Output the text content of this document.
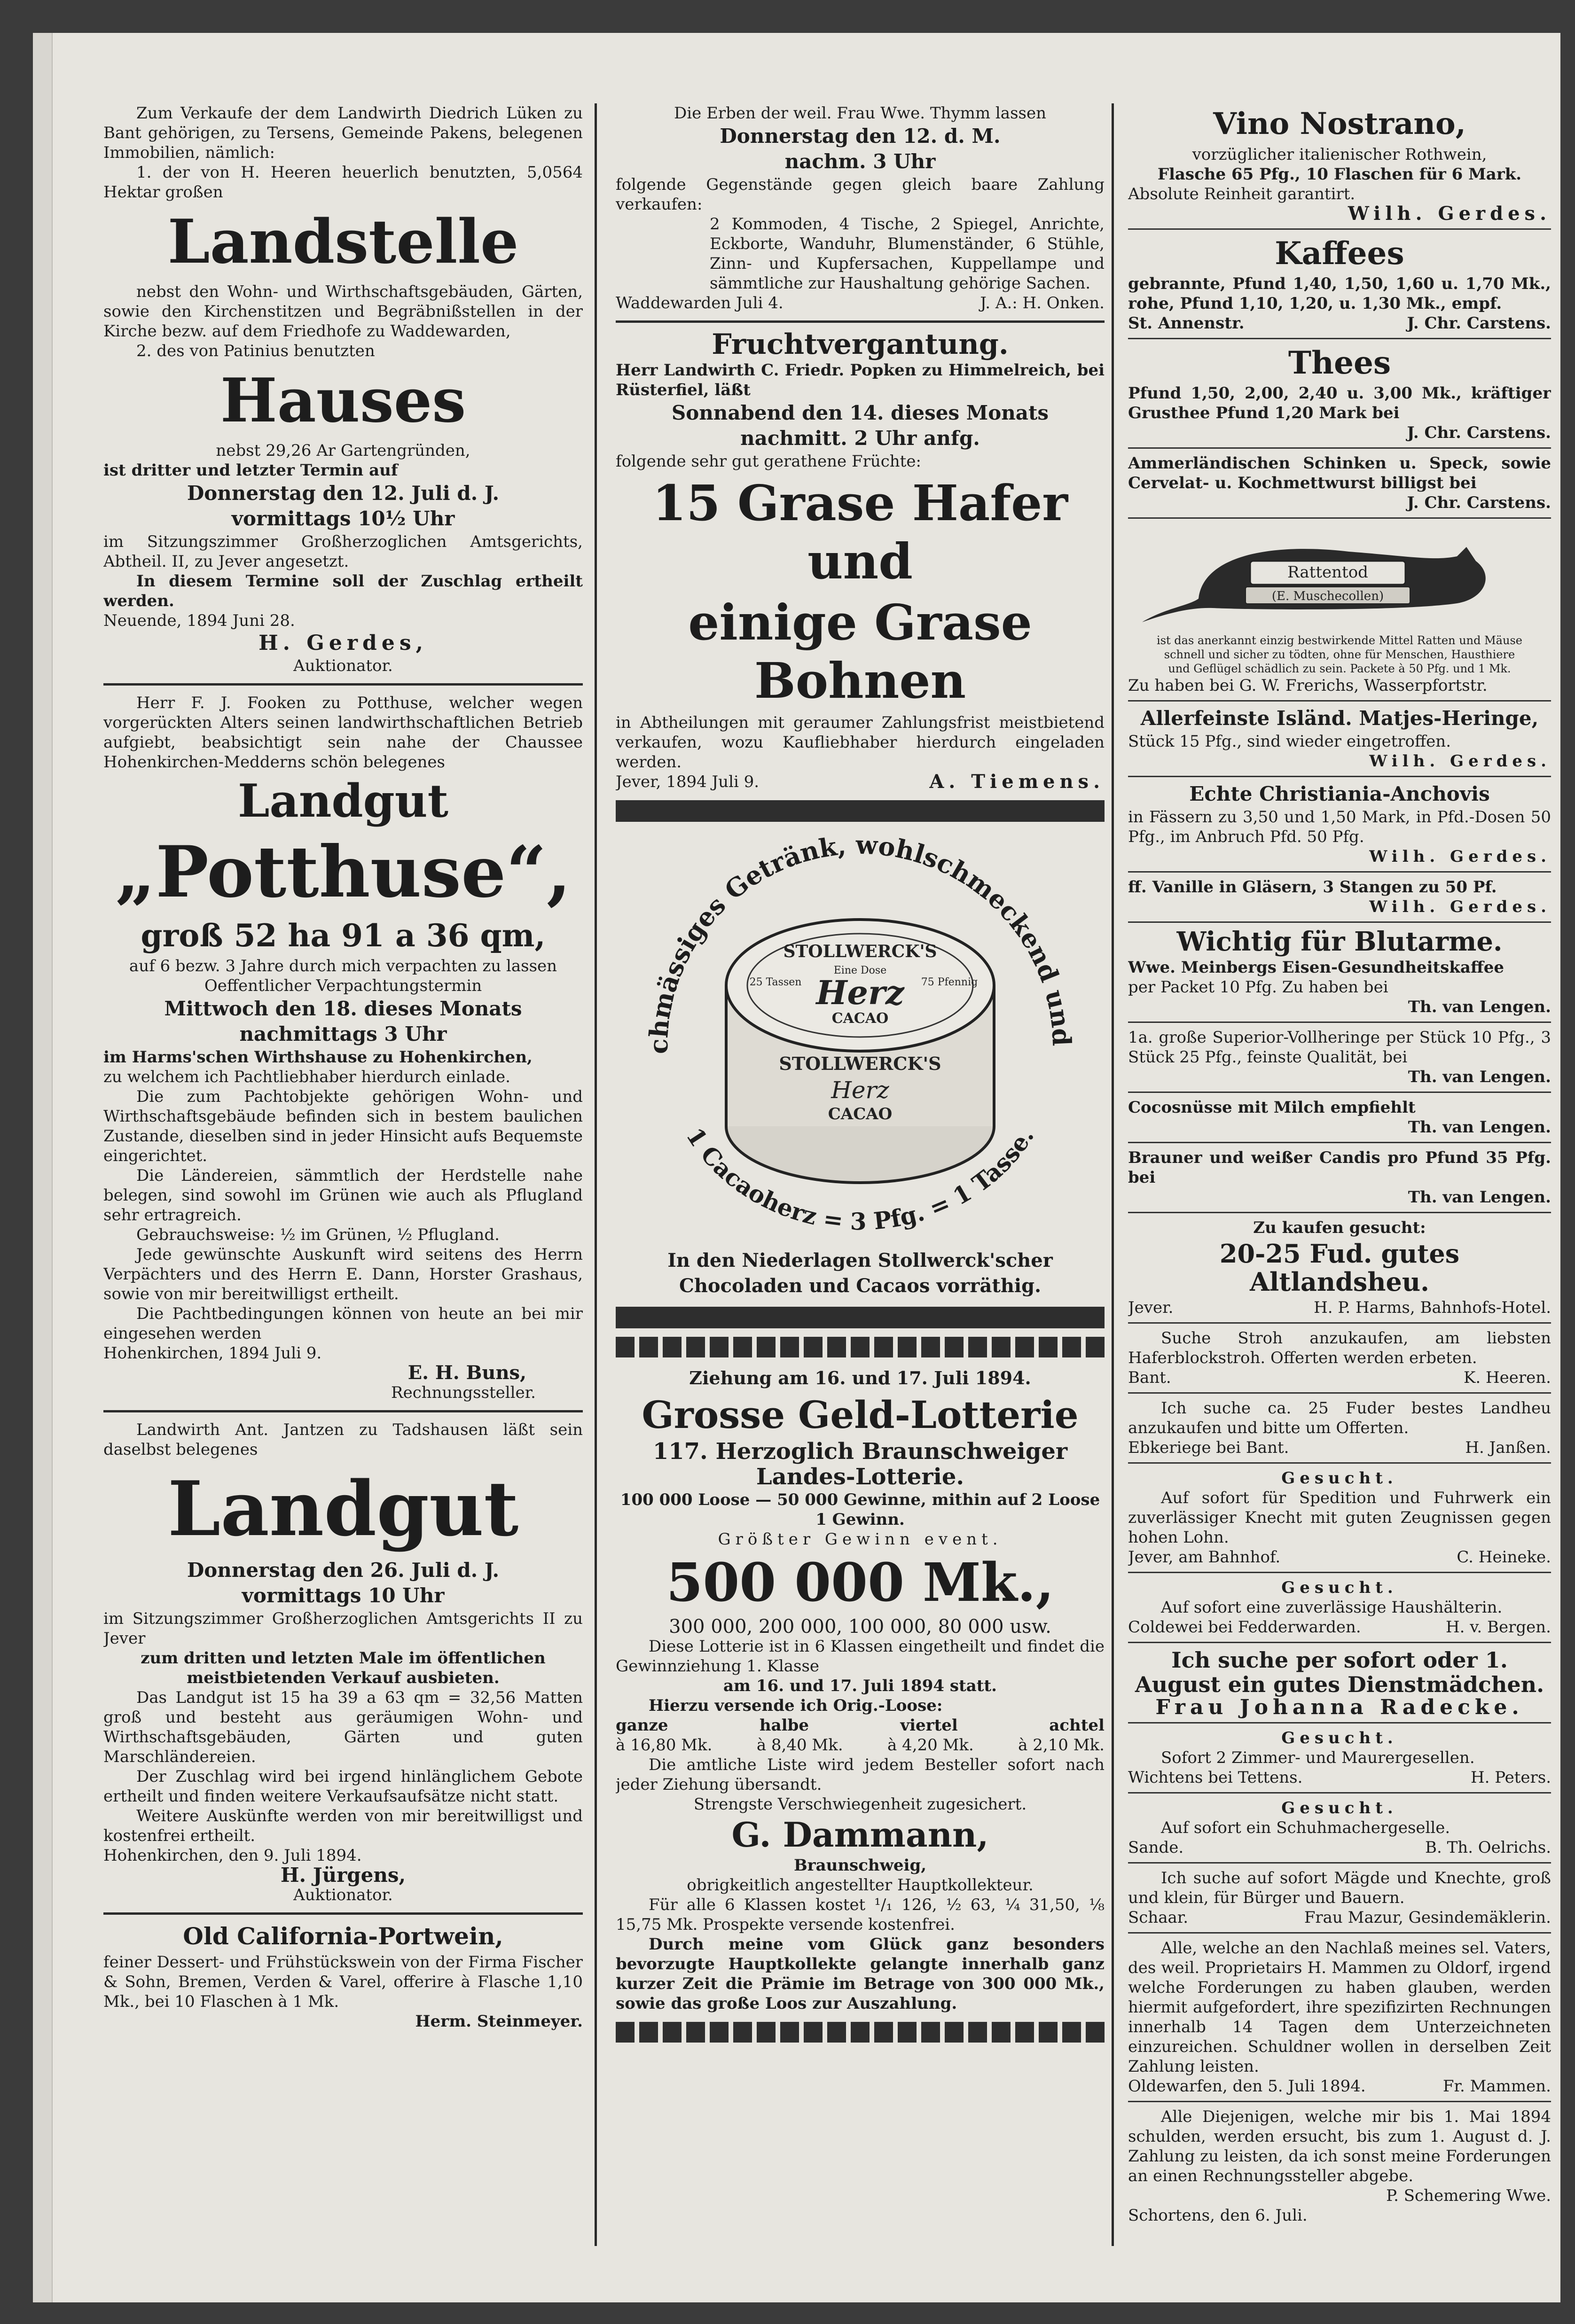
Zum Verkaufe der dem Landwirth Diedrich Lüken zu Bant gehörigen, zu Tersens, Gemeinde Pakens, belegenen Immobilien, nämlich:

1. der von H. Heeren heuerlich benutzten, 5,0564 Hektar großen

Landstelle

nebst den Wohn- und Wirthschaftsgebäuden, Gärten, sowie den Kirchenstitzen und Begräbnißstellen in der Kirche bezw. auf dem Friedhofe zu Waddewarden,

2. des von Patinius benutzten

Hauses

nebst 29,26 Ar Gartengründen,

ist dritter und letzter Termin auf

Donnerstag den 12. Juli d. J.
vormittags 10½ Uhr

im Sitzungszimmer Großherzoglichen Amtsgerichts, Abtheil. II, zu Jever angesetzt.

In diesem Termine soll der Zuschlag ertheilt werden.

Neuende, 1894 Juni 28.

H. Gerdes,

Auktionator.

Herr F. J. Fooken zu Potthuse, welcher wegen vorgerückten Alters seinen landwirthschaftlichen Betrieb aufgiebt, beabsichtigt sein nahe der Chaussee Hohenkirchen-Medderns schön belegenes

Landgut
„Potthuse“,
groß 52 ha 91 a 36 qm,

auf 6 bezw. 3 Jahre durch mich verpachten zu lassen

Oeffentlicher Verpachtungstermin

Mittwoch den 18. dieses Monats
nachmittags 3 Uhr

im Harms'schen Wirthshause zu Hohenkirchen,

zu welchem ich Pachtliebhaber hierdurch einlade.

Die zum Pachtobjekte gehörigen Wohn- und Wirthschaftsgebäude befinden sich in bestem baulichen Zustande, dieselben sind in jeder Hinsicht aufs Bequemste eingerichtet.

Die Ländereien, sämmtlich der Herdstelle nahe belegen, sind sowohl im Grünen wie auch als Pflugland sehr ertragreich.

Gebrauchsweise: ½ im Grünen, ½ Pflugland.

Jede gewünschte Auskunft wird seitens des Herrn Verpächters und des Herrn E. Dann, Horster Grashaus, sowie von mir bereitwilligst ertheilt.

Die Pachtbedingungen können von heute an bei mir eingesehen werden

Hohenkirchen, 1894 Juli 9.

E. H. Buns,

Rechnungssteller.

Landwirth Ant. Jantzen zu Tadshausen läßt sein daselbst belegenes

Landgut
Donnerstag den 26. Juli d. J.
vormittags 10 Uhr

im Sitzungszimmer Großherzoglichen Amtsgerichts II zu Jever

zum dritten und letzten Male im öffentlichen meistbietenden Verkauf ausbieten.

Das Landgut ist 15 ha 39 a 63 qm = 32,56 Matten groß und besteht aus geräumigen Wohn- und Wirthschaftsgebäuden, Gärten und guten Marschländereien.

Der Zuschlag wird bei irgend hinlänglichem Gebote ertheilt und finden weitere Verkaufsaufsätze nicht statt.

Weitere Auskünfte werden von mir bereitwilligst und kostenfrei ertheilt.

Hohenkirchen, den 9. Juli 1894.

H. Jürgens,

Auktionator.

Old California-Portwein,

feiner Dessert- und Frühstückswein von der Firma Fischer & Sohn, Bremen, Verden & Varel, offerire à Flasche 1,10 Mk., bei 10 Flaschen à 1 Mk.

Herm. Steinmeyer.

Die Erben der weil. Frau Wwe. Thymm lassen

Donnerstag den 12. d. M.
nachm. 3 Uhr

folgende Gegenstände gegen gleich baare Zahlung verkaufen:

2 Kommoden, 4 Tische, 2 Spiegel, Anrichte, Eckborte, Wanduhr, Blumenständer, 6 Stühle, Zinn- und Kupfersachen, Kuppellampe und sämmtliche zur Haushaltung gehörige Sachen.

Waddewarden Juli 4.	J. A.: H. Onken.
Fruchtvergantung.

Herr Landwirth C. Friedr. Popken zu Himmelreich, bei Rüsterfiel, läßt

Sonnabend den 14. dieses Monats
nachmitt. 2 Uhr anfg.

folgende sehr gut gerathene Früchte:

15 Grase Hafer und
einige Grase Bohnen

in Abtheilungen mit geraumer Zahlungsfrist meistbietend verkaufen, wozu Kaufliebhaber hierdurch eingeladen werden.

Jever, 1894 Juli 9.	A. Tiemens.
chmässiges Getränk, wohlschmeckend und
STOLLWERCK'S
Eine Dose
Herz
CACAO
25 Tassen	75 Pfennig
STOLLWERCK'S
Herz
CACAO
1 Cacaoherz = 3 Pfg. = 1 Tasse.
In den Niederlagen Stollwerck'scher
Chocoladen und Cacaos vorräthig.
Ziehung am 16. und 17. Juli 1894.
Grosse Geld-Lotterie
117. Herzoglich Braunschweiger
Landes-Lotterie.

100 000 Loose — 50 000 Gewinne, mithin auf 2 Loose 1 Gewinn.

Größter Gewinn event.

500 000 Mk.,

300 000, 200 000, 100 000, 80 000 usw.

Diese Lotterie ist in 6 Klassen eingetheilt und findet die Gewinnziehung 1. Klasse

am 16. und 17. Juli 1894 statt.

Hierzu versende ich Orig.-Loose:

ganze	halbe	viertel	achtel
à 16,80 Mk.	à 8,40 Mk.	à 4,20 Mk.	à 2,10 Mk.

Die amtliche Liste wird jedem Besteller sofort nach jeder Ziehung übersandt.

Strengste Verschwiegenheit zugesichert.

G. Dammann,

Braunschweig,

obrigkeitlich angestellter Hauptkollekteur.

Für alle 6 Klassen kostet ¹/₁ 126, ½ 63, ¼ 31,50, ⅛ 15,75 Mk. Prospekte versende kostenfrei.

Durch meine vom Glück ganz besonders bevorzugte Hauptkollekte gelangte innerhalb ganz kurzer Zeit die Prämie im Betrage von 300 000 Mk., sowie das große Loos zur Auszahlung.

Vino Nostrano,

vorzüglicher italienischer Rothwein,

Flasche 65 Pfg., 10 Flaschen für 6 Mark.

Absolute Reinheit garantirt.

Wilh. Gerdes.

Kaffees

gebrannte, Pfund 1,40, 1,50, 1,60 u. 1,70 Mk., rohe, Pfund 1,10, 1,20, u. 1,30 Mk., empf.

St. Annenstr.	J. Chr. Carstens.
Thees

Pfund 1,50, 2,00, 2,40 u. 3,00 Mk., kräftiger Grusthee Pfund 1,20 Mark bei

J. Chr. Carstens.

Ammerländischen Schinken u. Speck, sowie Cervelat- u. Kochmettwurst billigst bei

J. Chr. Carstens.

Rattentod
(E. Muschecollen)

ist das anerkannt einzig bestwirkende Mittel Ratten und Mäuse schnell und sicher zu tödten, ohne für Menschen, Hausthiere und Geflügel schädlich zu sein. Packete à 50 Pfg. und 1 Mk.

Zu haben bei G. W. Frerichs, Wasserpfortstr.

Allerfeinste Isländ. Matjes-Heringe,

Stück 15 Pfg., sind wieder eingetroffen.

Wilh. Gerdes.

Echte Christiania-Anchovis

in Fässern zu 3,50 und 1,50 Mark, in Pfd.-Dosen 50 Pfg., im Anbruch Pfd. 50 Pfg.

Wilh. Gerdes.

ff. Vanille in Gläsern, 3 Stangen zu 50 Pf.

Wilh. Gerdes.

Wichtig für Blutarme.

Wwe. Meinbergs Eisen-Gesundheitskaffee

per Packet 10 Pfg. Zu haben bei

Th. van Lengen.

1a. große Superior-Vollheringe per Stück 10 Pfg., 3 Stück 25 Pfg., feinste Qualität, bei

Th. van Lengen.

Cocosnüsse mit Milch empfiehlt

Th. van Lengen.

Brauner und weißer Candis pro Pfund 35 Pfg. bei

Th. van Lengen.

Zu kaufen gesucht:

20-25 Fud. gutes Altlandsheu.
Jever.	H. P. Harms, Bahnhofs-Hotel.

Suche Stroh anzukaufen, am liebsten Haferblockstroh. Offerten werden erbeten.

Bant.	K. Heeren.

Ich suche ca. 25 Fuder bestes Landheu anzukaufen und bitte um Offerten.

Ebkeriege bei Bant.	H. Janßen.

Gesucht.

Auf sofort für Spedition und Fuhrwerk ein zuverlässiger Knecht mit guten Zeugnissen gegen hohen Lohn.

Jever, am Bahnhof.	C. Heineke.

Gesucht.

Auf sofort eine zuverlässige Haushälterin.

Coldewei bei Fedderwarden.	H. v. Bergen.
Ich suche per sofort oder 1. August ein gutes Dienstmädchen.

Frau Johanna Radecke.

Gesucht.

Sofort 2 Zimmer- und Maurergesellen.

Wichtens bei Tettens.	H. Peters.

Gesucht.

Auf sofort ein Schuhmachergeselle.

Sande.	B. Th. Oelrichs.

Ich suche auf sofort Mägde und Knechte, groß und klein, für Bürger und Bauern.

Schaar.	Frau Mazur, Gesindemäklerin.

Alle, welche an den Nachlaß meines sel. Vaters, des weil. Proprietairs H. Mammen zu Oldorf, irgend welche Forderungen zu haben glauben, werden hiermit aufgefordert, ihre spezifizirten Rechnungen innerhalb 14 Tagen dem Unterzeichneten einzureichen. Schuldner wollen in derselben Zeit Zahlung leisten.

Oldewarfen, den 5. Juli 1894.	Fr. Mammen.

Alle Diejenigen, welche mir bis 1. Mai 1894 schulden, werden ersucht, bis zum 1. August d. J. Zahlung zu leisten, da ich sonst meine Forderungen an einen Rechnungssteller abgebe.

P. Schemering Wwe.

Schortens, den 6. Juli.
